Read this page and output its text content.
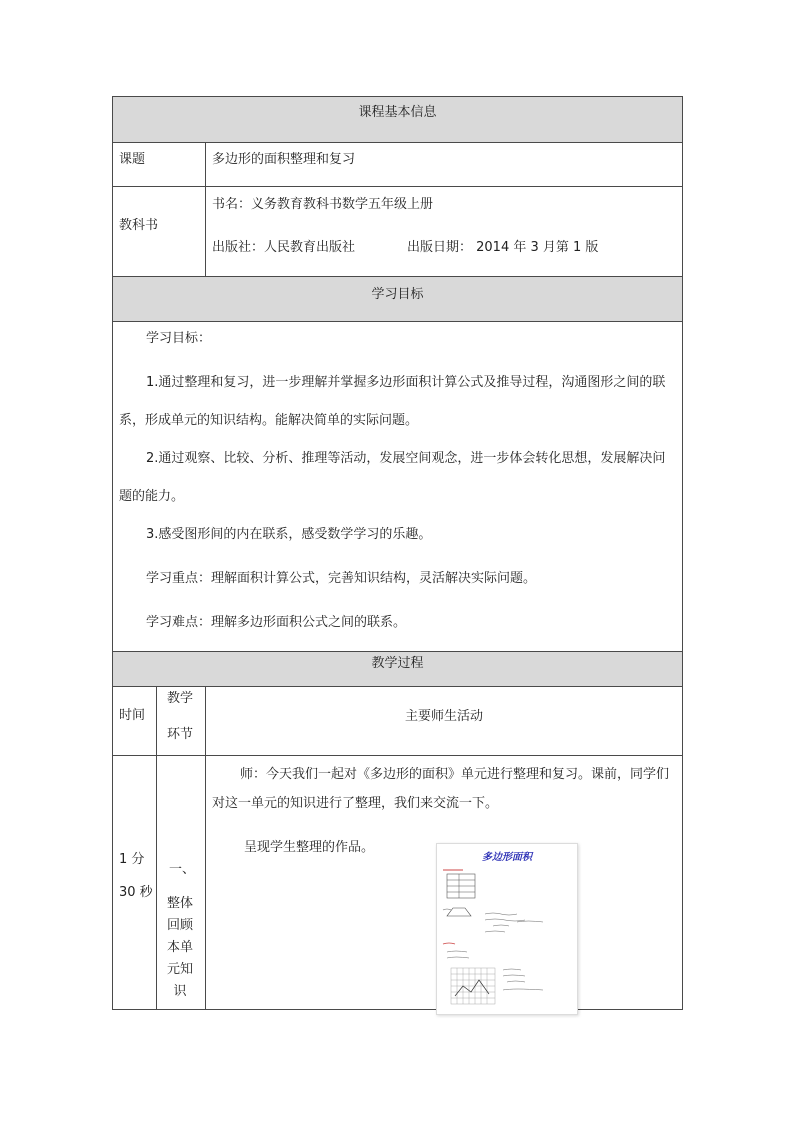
课程基本信息
课题	多边形的面积整理和复习
教科书
书名：义务教育教科书数学五年级上册
出版社：人民教育出版社	出版日期： 2014 年 3 月第 1 版
学习目标
学习目标：
1.通过整理和复习，进一步理解并掌握多边形面积计算公式及推导过程，沟通图形之间的联系，形成单元的知识结构。能解决简单的实际问题。
2.通过观察、比较、分析、推理等活动，发展空间观念，进一步体会转化思想，发展解决问题的能力。
3.感受图形间的内在联系，感受数学学习的乐趣。
学习重点：理解面积计算公式，完善知识结构，灵活解决实际问题。
学习难点：理解多边形面积公式之间的联系。
教学过程
时间
教学
环节
主要师生活动
1 分
30 秒
一、
整体
回顾
本单
元知
识
师：今天我们一起对《多边形的面积》单元进行整理和复习。课前，同学们对这一单元的知识进行了整理，我们来交流一下。
呈现学生整理的作品。
多边形面积
